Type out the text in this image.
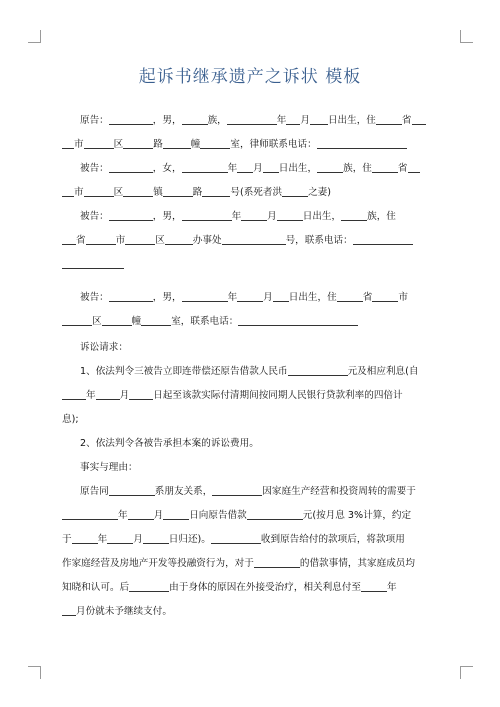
起诉书继承遗产之诉状 模板
原告：	，男，	族，	年 月 日出生，住	省
市	区	路	幢	室，律师联系电话：
被告：	，女，	年 月 日出生，	族，住	省
市	区	镇	路	号(系死者洪	之妻)
被告：	，男，	年	月	日出生，	族，住
省	市	区	办事处	号，联系电话：
被告：	，男，	年	月 日出生，住	省	市
区	幢	室，联系电话：
诉讼请求：
1、依法判令三被告立即连带偿还原告借款人民币	元及相应利息(自
年	月	日起至该款实际付清期间按同期人民银行贷款利率的四倍计
息);
2、依法判令各被告承担本案的诉讼费用。
事实与理由：
原告同	系朋友关系，	因家庭生产经营和投资周转的需要于
年	月	日向原告借款	元(按月息 3%计算，约定
于	年	月	日归还)。	收到原告给付的款项后，将款项用
作家庭经营及房地产开发等投融资行为，对于	的借款事情，其家庭成员均
知晓和认可。后	由于身体的原因在外接受治疗，相关利息付至	年
月份就未予继续支付。
